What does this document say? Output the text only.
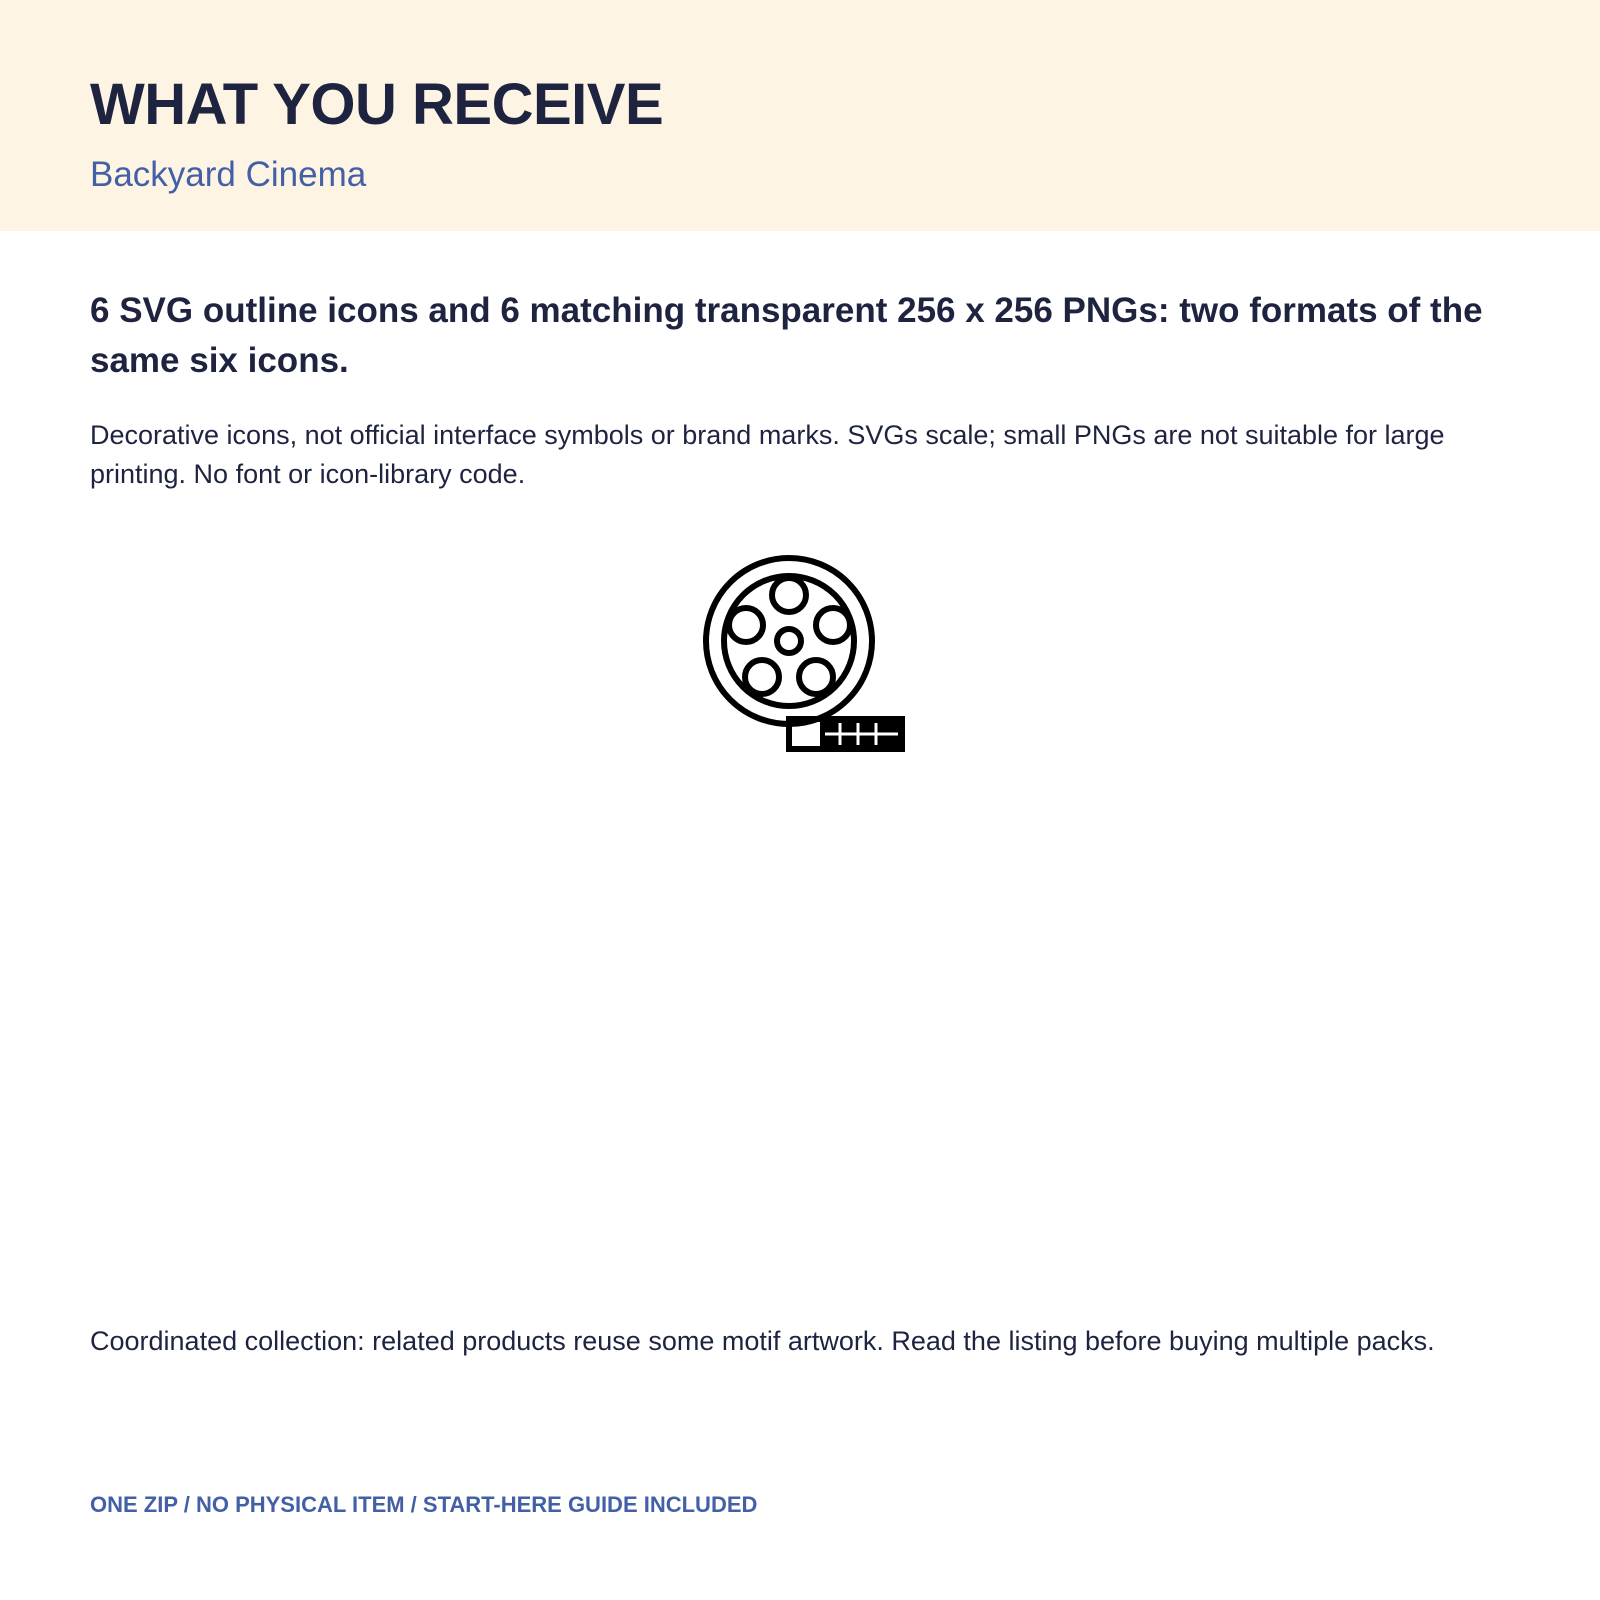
WHAT YOU RECEIVE

Backyard Cinema

6 SVG outline icons and 6 matching transparent 256 x 256 PNGs: two formats of the same six icons.

Decorative icons, not official interface symbols or brand marks. SVGs scale; small PNGs are not suitable for large printing. No font or icon-library code.

Coordinated collection: related products reuse some motif artwork. Read the listing before buying multiple packs.

ONE ZIP / NO PHYSICAL ITEM / START-HERE GUIDE INCLUDED
